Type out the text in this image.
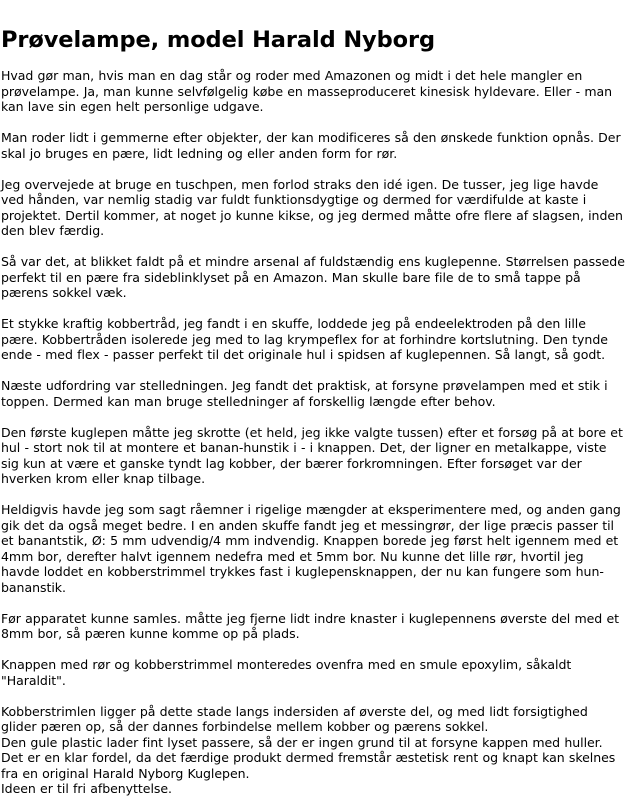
Prøvelampe, model Harald Nyborg

Hvad gør man, hvis man en dag står og roder med Amazonen og midt i det hele mangler en prøvelampe. Ja, man kunne selvfølgelig købe en masseproduceret kinesisk hyldevare. Eller - man kan lave sin egen helt personlige udgave.

Man roder lidt i gemmerne efter objekter, der kan modificeres så den ønskede funktion opnås. Der skal jo bruges en pære, lidt ledning og eller anden form for rør.

Jeg overvejede at bruge en tuschpen, men forlod straks den idé igen. De tusser, jeg lige havde ved hånden, var nemlig stadig var fuldt funktionsdygtige og dermed for værdifulde at kaste i projektet. Dertil kommer, at noget jo kunne kikse, og jeg dermed måtte ofre flere af slagsen, inden den blev færdig.

Så var det, at blikket faldt på et mindre arsenal af fuldstændig ens kuglepenne. Størrelsen passede perfekt til en pære fra sideblinklyset på en Amazon. Man skulle bare file de to små tappe på pærens sokkel væk.

Et stykke kraftig kobbertråd, jeg fandt i en skuffe, loddede jeg på endeelektroden på den lille pære. Kobbertråden isolerede jeg med to lag krympeflex for at forhindre kortslutning. Den tynde ende - med flex - passer perfekt til det originale hul i spidsen af kuglepennen. Så langt, så godt.

Næste udfordring var stelledningen. Jeg fandt det praktisk, at forsyne prøvelampen med et stik i toppen. Dermed kan man bruge stelledninger af forskellig længde efter behov.

Den første kuglepen måtte jeg skrotte (et held, jeg ikke valgte tussen) efter et forsøg på at bore et hul - stort nok til at montere et banan-hunstik i - i knappen. Det, der ligner en metalkappe, viste sig kun at være et ganske tyndt lag kobber, der bærer forkromningen. Efter forsøget var der hverken krom eller knap tilbage.

Heldigvis havde jeg som sagt råemner i rigelige mængder at eksperimentere med, og anden gang gik det da også meget bedre. I en anden skuffe fandt jeg et messingrør, der lige præcis passer til et banantstik, Ø: 5 mm udvendig/4 mm indvendig. Knappen borede jeg først helt igennem med et 4mm bor, derefter halvt igennem nedefra med et 5mm bor. Nu kunne det lille rør, hvortil jeg havde loddet en kobberstrimmel trykkes fast i kuglepensknappen, der nu kan fungere som hun-bananstik.

Før apparatet kunne samles. måtte jeg fjerne lidt indre knaster i kuglepennens øverste del med et 8mm bor, så pæren kunne komme op på plads.

Knappen med rør og kobberstrimmel monteredes ovenfra med en smule epoxylim, såkaldt "Haraldit".

Kobberstrimlen ligger på dette stade langs indersiden af øverste del, og med lidt forsigtighed glider pæren op, så der dannes forbindelse mellem kobber og pærens sokkel.

Den gule plastic lader fint lyset passere, så der er ingen grund til at forsyne kappen med huller. Det er en klar fordel, da det færdige produkt dermed fremstår æstetisk rent og knapt kan skelnes fra en original Harald Nyborg Kuglepen.

Ideen er til fri afbenyttelse.
